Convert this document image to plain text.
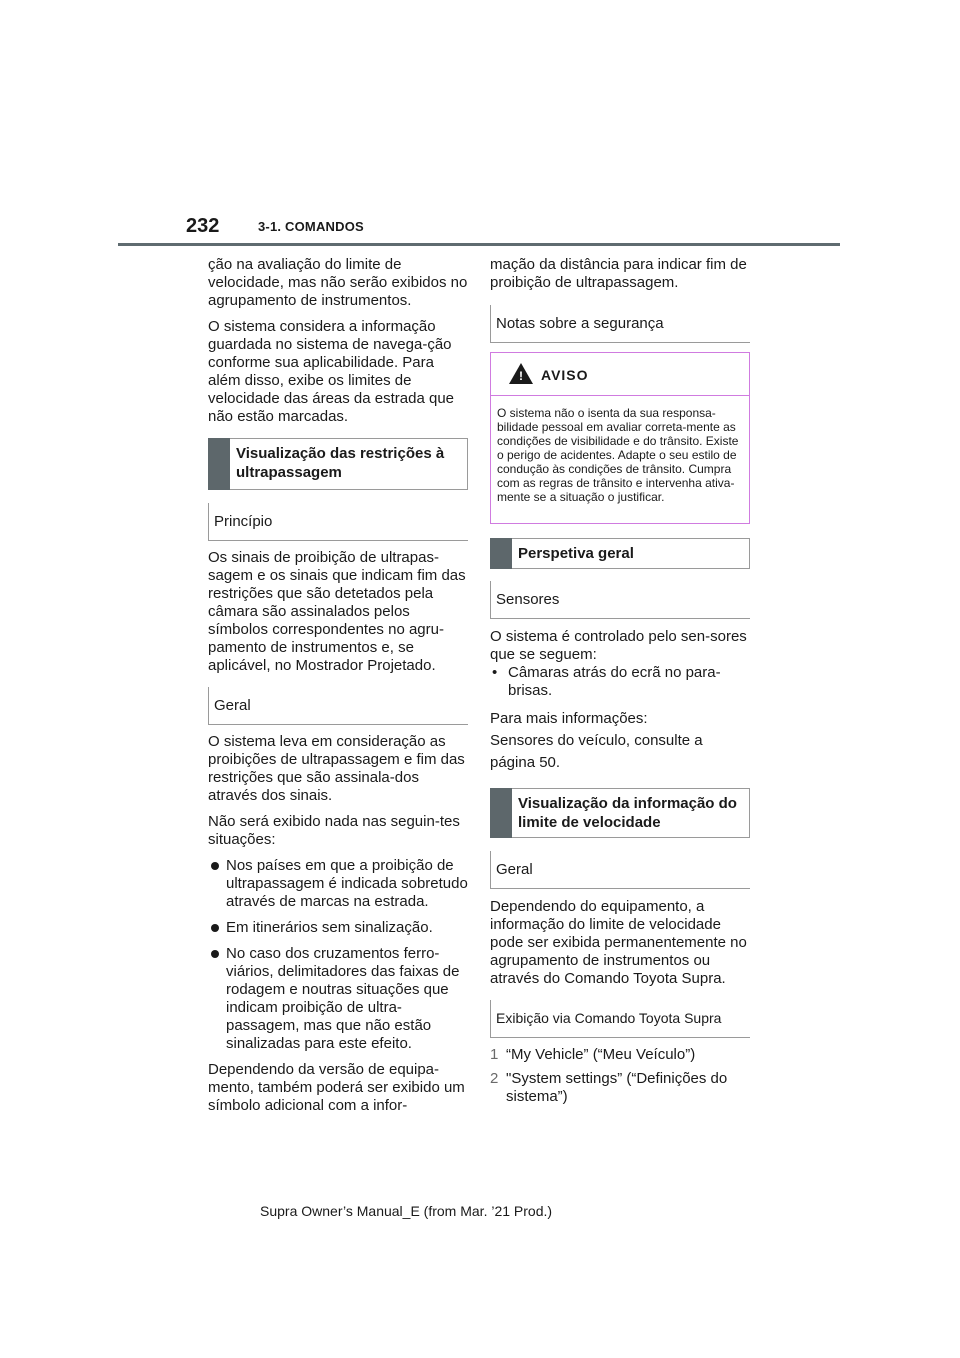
232	3-1. COMANDOS

ção na avaliação do limite de velocidade, mas não serão exibidos no agrupamento de instrumentos.

O sistema considera a informação guardada no sistema de navega-ção conforme sua aplicabilidade. Para além disso, exibe os limites de velocidade das áreas da estrada que não estão marcadas.

Visualização das restrições à ultrapassagem
Princípio

Os sinais de proibição de ultrapas-sagem e os sinais que indicam fim das restrições que são detetados pela câmara são assinalados pelos símbolos correspondentes no agru-pamento de instrumentos e, se aplicável, no Mostrador Projetado.

Geral

O sistema leva em consideração as proibições de ultrapassagem e fim das restrições que são assinala-dos através dos sinais.

Não será exibido nada nas seguin-tes situações:

Nos países em que a proibição de ultrapassagem é indicada sobretudo através de marcas na estrada.
Em itinerários sem sinalização.
No caso dos cruzamentos ferro-viários, delimitadores das faixas de rodagem e noutras situações que indicam proibição de ultra-passagem, mas que não estão sinalizadas para este efeito.

Dependendo da versão de equipa-mento, também poderá ser exibido um símbolo adicional com a infor-

mação da distância para indicar fim de proibição de ultrapassagem.

Notas sobre a segurança
! AVISO
O sistema não o isenta da sua responsa-bilidade pessoal em avaliar correta-mente as condições de visibilidade e do trânsito. Existe o perigo de acidentes. Adapte o seu estilo de condução às condições de trânsito. Cumpra com as regras de trânsito e intervenha ativa-mente se a situação o justificar.
Perspetiva geral
Sensores

O sistema é controlado pelo sen-sores que se seguem:

• Câmaras atrás do ecrã no para-brisas.

Para mais informações:

Sensores do veículo, consulte a

página 50.

Visualização da informação do limite de velocidade
Geral

Dependendo do equipamento, a informação do limite de velocidade pode ser exibida permanentemente no agrupamento de instrumentos ou através do Comando Toyota Supra.

Exibição via Comando Toyota Supra
1 “My Vehicle” (“Meu Veículo”)
2 "System settings” (“Definições do sistema”)
Supra Owner’s Manual_E (from Mar. ’21 Prod.)
